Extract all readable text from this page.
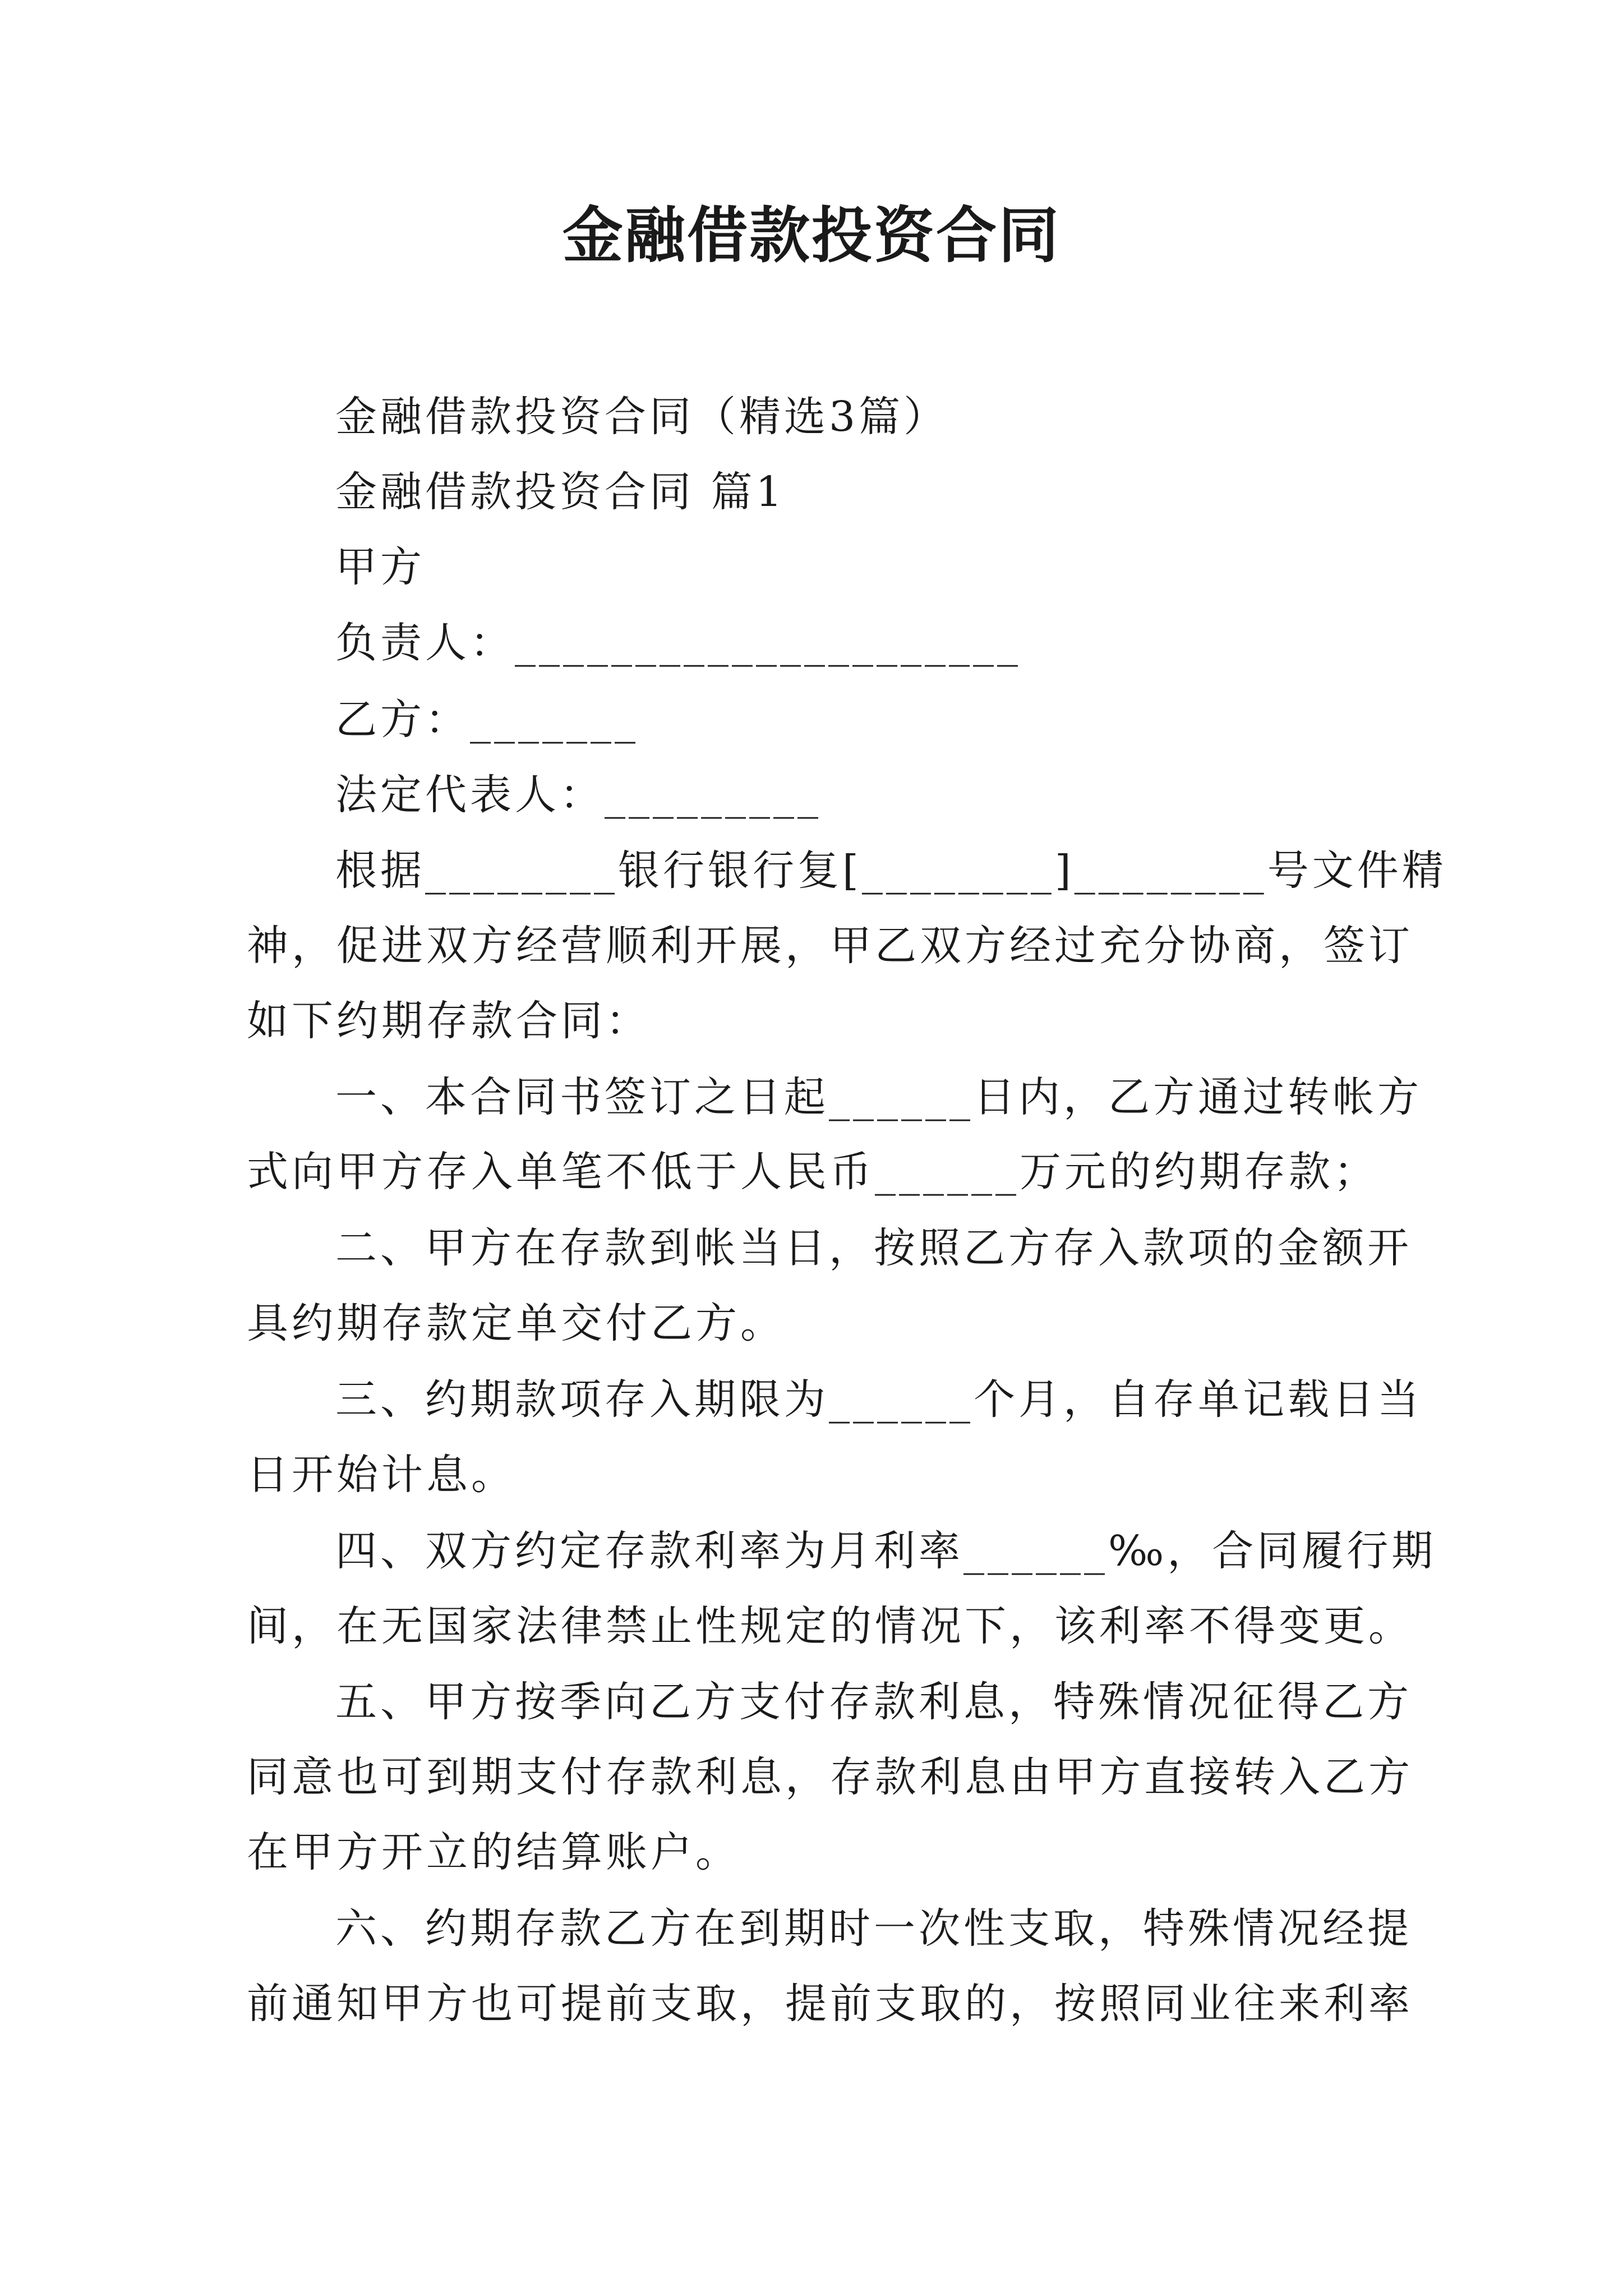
金融借款投资合同
金融借款投资合同（精选3篇）
金融借款投资合同 篇1
甲方
负责人：_____________________
乙方：_______
法定代表人：_________
根据________银行银行复[________]________号文件精
神，促进双方经营顺利开展，甲乙双方经过充分协商，签订
如下约期存款合同：
一、本合同书签订之日起______日内，乙方通过转帐方
式向甲方存入单笔不低于人民币______万元的约期存款；
二、甲方在存款到帐当日，按照乙方存入款项的金额开
具约期存款定单交付乙方。
三、约期款项存入期限为______个月，自存单记载日当
日开始计息。
四、双方约定存款利率为月利率______‰，合同履行期
间，在无国家法律禁止性规定的情况下，该利率不得变更。
五、甲方按季向乙方支付存款利息，特殊情况征得乙方
同意也可到期支付存款利息，存款利息由甲方直接转入乙方
在甲方开立的结算账户。
六、约期存款乙方在到期时一次性支取，特殊情况经提
前通知甲方也可提前支取，提前支取的，按照同业往来利率
